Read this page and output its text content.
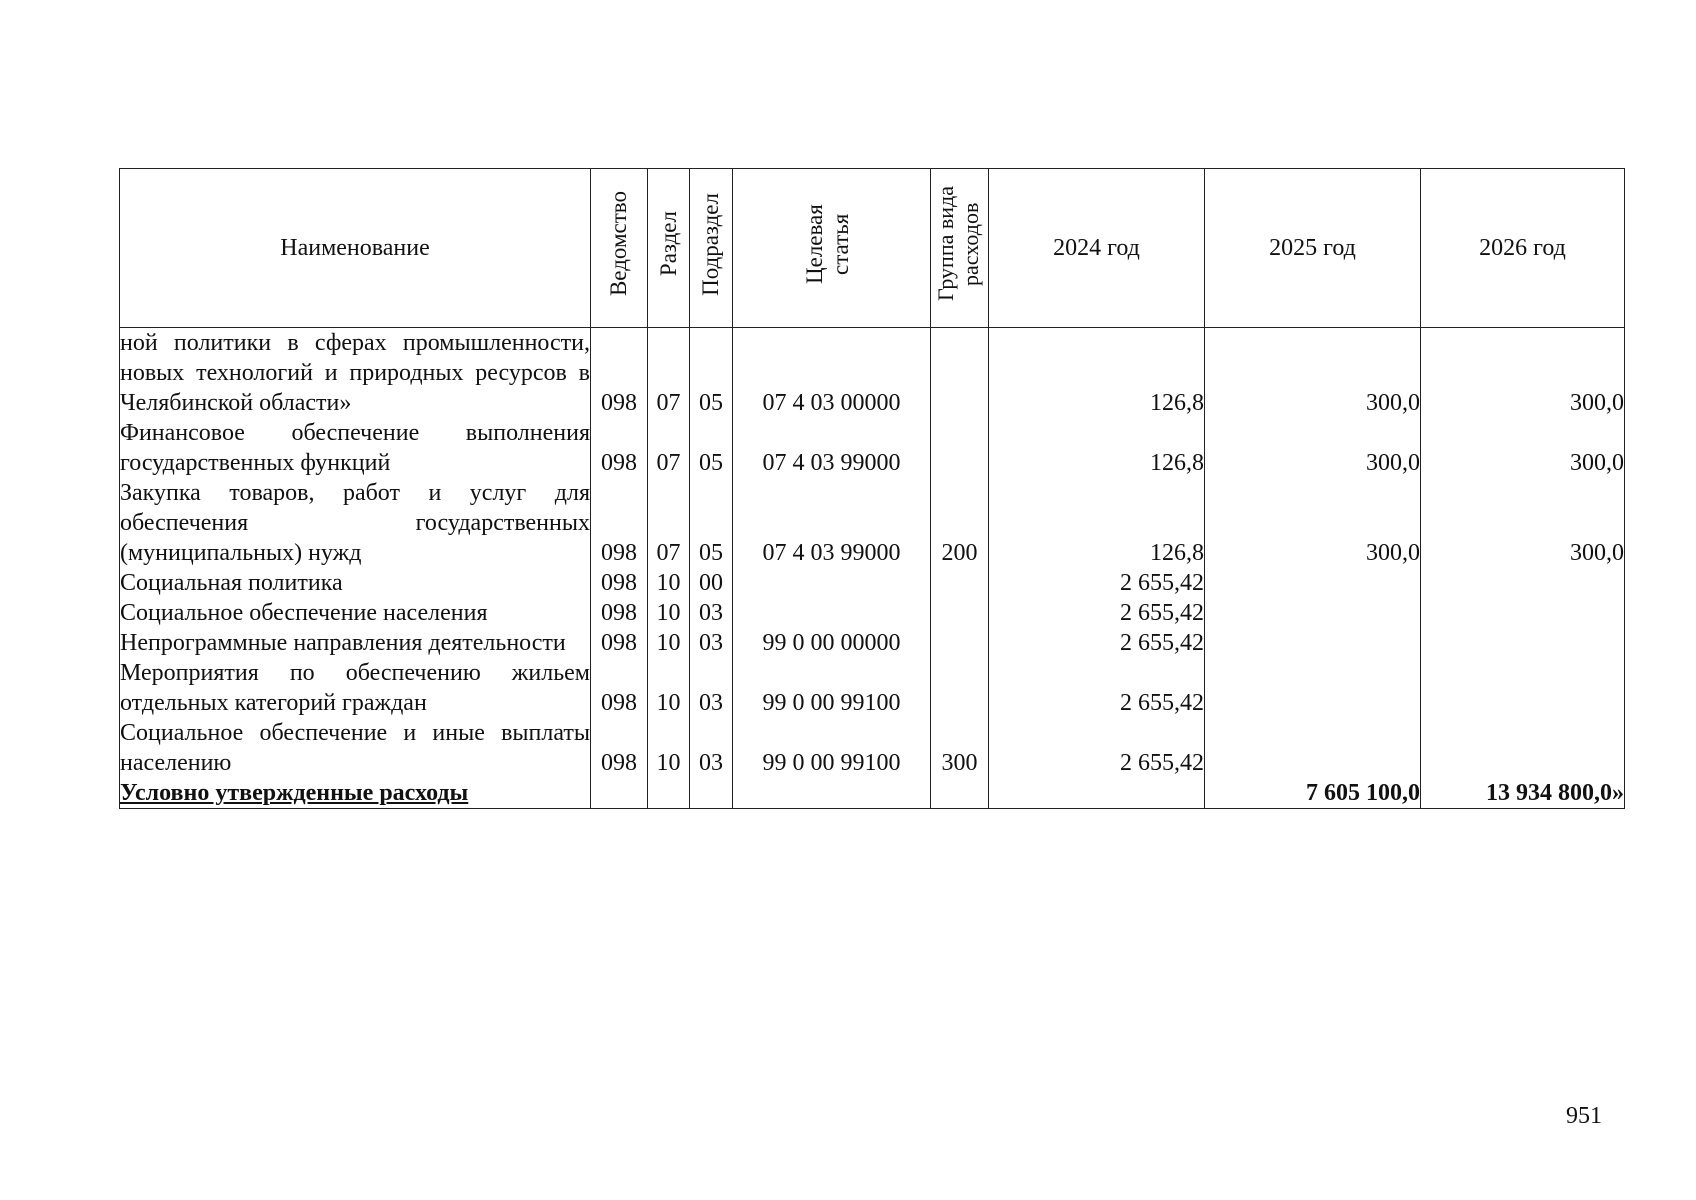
Наименование	Ведомство	Раздел	Подраздел	Целевая статья	Группа вида расходов	2024 год	2025 год	2026 год
ной политики в сферах промышленности, новых технологий и природных ресурсов в Челябинской области»	098	07	05	07 4 03 00000		126,8	300,0	300,0
Финансовое обеспечение выполнения государственных функций	098	07	05	07 4 03 99000		126,8	300,0	300,0
Закупка товаров, работ и услуг для обеспечения государственных (муниципальных) нужд	098	07	05	07 4 03 99000	200	126,8	300,0	300,0
Социальная политика	098	10	00			2 655,42		
Социальное обеспечение населения	098	10	03			2 655,42		
Непрограммные направления деятельности	098	10	03	99 0 00 00000		2 655,42		
Мероприятия по обеспечению жильем отдельных категорий граждан	098	10	03	99 0 00 99100		2 655,42		
Социальное обеспечение и иные выплаты населению	098	10	03	99 0 00 99100	300	2 655,42		
Условно утвержденные расходы							7 605 100,0	13 934 800,0»
951
